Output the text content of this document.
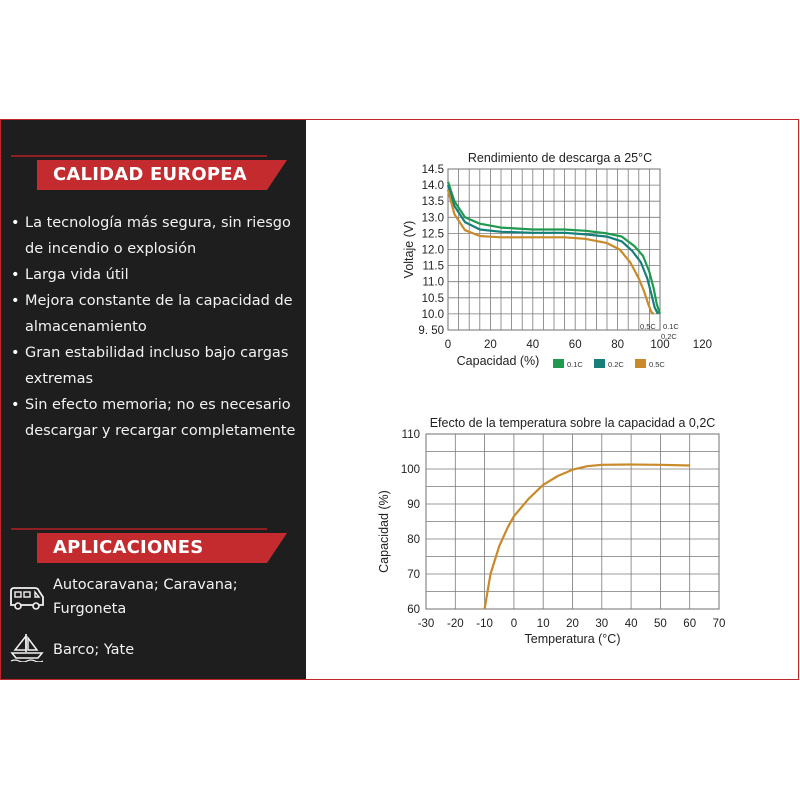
CALIDAD EUROPEA
• La tecnología más segura, sin riesgo de incendio o explosión
• Larga vida útil
• Mejora constante de la capacidad de almacenamiento
• Gran estabilidad incluso bajo cargas extremas
• Sin efecto memoria; no es necesario descargar y recargar completamente
APLICACIONES
Autocaravana; Caravana; Furgoneta
Barco; Yate
Rendimiento de descarga a 25°C
9. 50
10.0
10.5
11.0
11.5
12.0
12.5
13.0
13.5
14.0
14.5
0	20	40	60	80 100 120
Voltaje (V)
Capacidad (%)
0.5C 0.1C
0.2C
0.1C	0.2C	0.5C
Efecto de la temperatura sobre la capacidad a 0,2C
60
70
80
90
100
110
-30 -20 -10 0 10 20 30 40 50 60 70
Capacidad (%)
Temperatura (°C)
